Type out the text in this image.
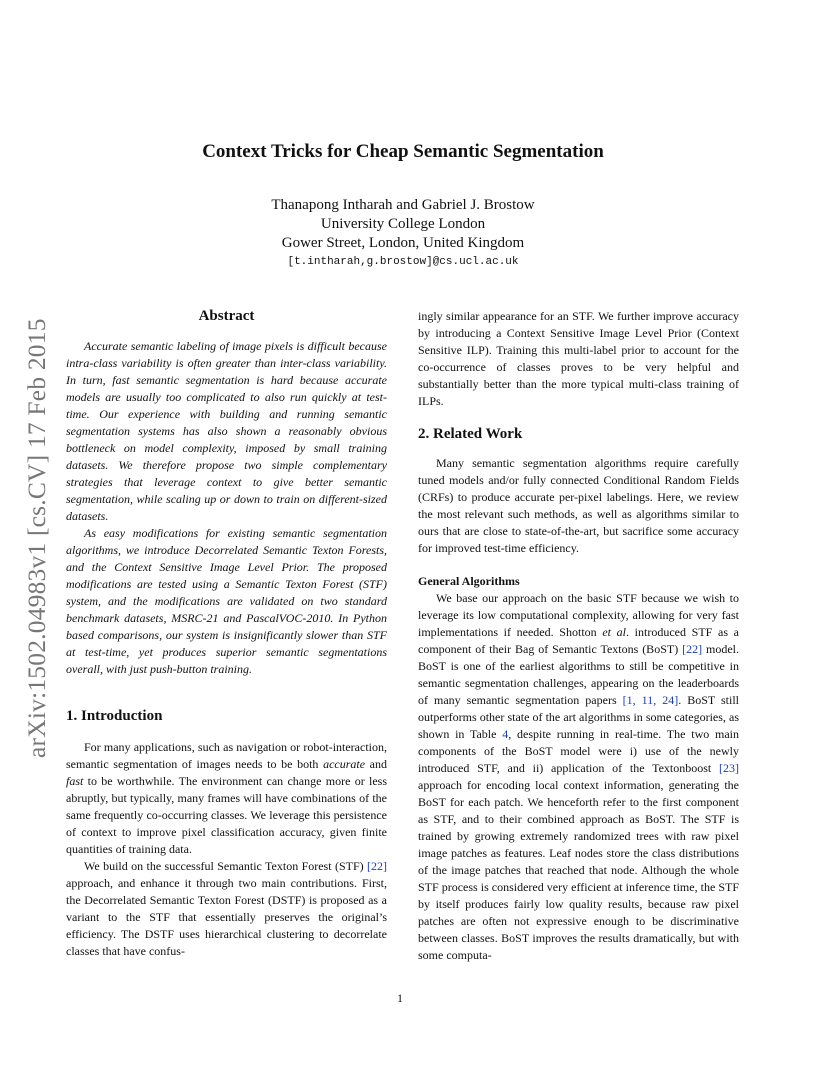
arXiv:1502.04983v1 [cs.CV] 17 Feb 2015
Context Tricks for Cheap Semantic Segmentation
Thanapong Intharah and Gabriel J. Brostow
University College London
Gower Street, London, United Kingdom
[t.intharah,g.brostow]@cs.ucl.ac.uk
Abstract

Accurate semantic labeling of image pixels is difficult because intra-class variability is often greater than inter-class variability. In turn, fast semantic segmentation is hard because accurate models are usually too complicated to also run quickly at test-time. Our experience with building and running semantic segmentation systems has also shown a reasonably obvious bottleneck on model complexity, imposed by small training datasets. We therefore propose two simple complementary strategies that leverage context to give better semantic segmentation, while scaling up or down to train on different-sized datasets.

As easy modifications for existing semantic segmentation algorithms, we introduce Decorrelated Semantic Texton Forests, and the Context Sensitive Image Level Prior. The proposed modifications are tested using a Semantic Texton Forest (STF) system, and the modifications are validated on two standard benchmark datasets, MSRC-21 and PascalVOC-2010. In Python based comparisons, our system is insignificantly slower than STF at test-time, yet produces superior semantic segmentations overall, with just push-button training.

1. Introduction

For many applications, such as navigation or robot-interaction, semantic segmentation of images needs to be both accurate and fast to be worthwhile. The environment can change more or less abruptly, but typically, many frames will have combinations of the same frequently co-occurring classes. We leverage this persistence of context to improve pixel classification accuracy, given finite quantities of training data.

We build on the successful Semantic Texton Forest (STF) [22] approach, and enhance it through two main contributions. First, the Decorrelated Semantic Texton Forest (DSTF) is proposed as a variant to the STF that essentially preserves the original’s efficiency. The DSTF uses hierarchical clustering to decorrelate classes that have confus-

ingly similar appearance for an STF. We further improve accuracy by introducing a Context Sensitive Image Level Prior (Context Sensitive ILP). Training this multi-label prior to account for the co-occurrence of classes proves to be very helpful and substantially better than the more typical multi-class training of ILPs.

2. Related Work

Many semantic segmentation algorithms require carefully tuned models and/or fully connected Conditional Random Fields (CRFs) to produce accurate per-pixel labelings. Here, we review the most relevant such methods, as well as algorithms similar to ours that are close to state-of-the-art, but sacrifice some accuracy for improved test-time efficiency.

General Algorithms

We base our approach on the basic STF because we wish to leverage its low computational complexity, allowing for very fast implementations if needed. Shotton et al. introduced STF as a component of their Bag of Semantic Textons (BoST) [22] model. BoST is one of the earliest algorithms to still be competitive in semantic segmentation challenges, appearing on the leaderboards of many semantic segmentation papers [1, 11, 24]. BoST still outperforms other state of the art algorithms in some categories, as shown in Table 4, despite running in real-time. The two main components of the BoST model were i) use of the newly introduced STF, and ii) application of the Textonboost [23] approach for encoding local context information, generating the BoST for each patch. We henceforth refer to the first component as STF, and to their combined approach as BoST. The STF is trained by growing extremely randomized trees with raw pixel image patches as features. Leaf nodes store the class distributions of the image patches that reached that node. Although the whole STF process is considered very efficient at inference time, the STF by itself produces fairly low quality results, because raw pixel patches are often not expressive enough to be discriminative between classes. BoST improves the results dramatically, but with some computa-

1
